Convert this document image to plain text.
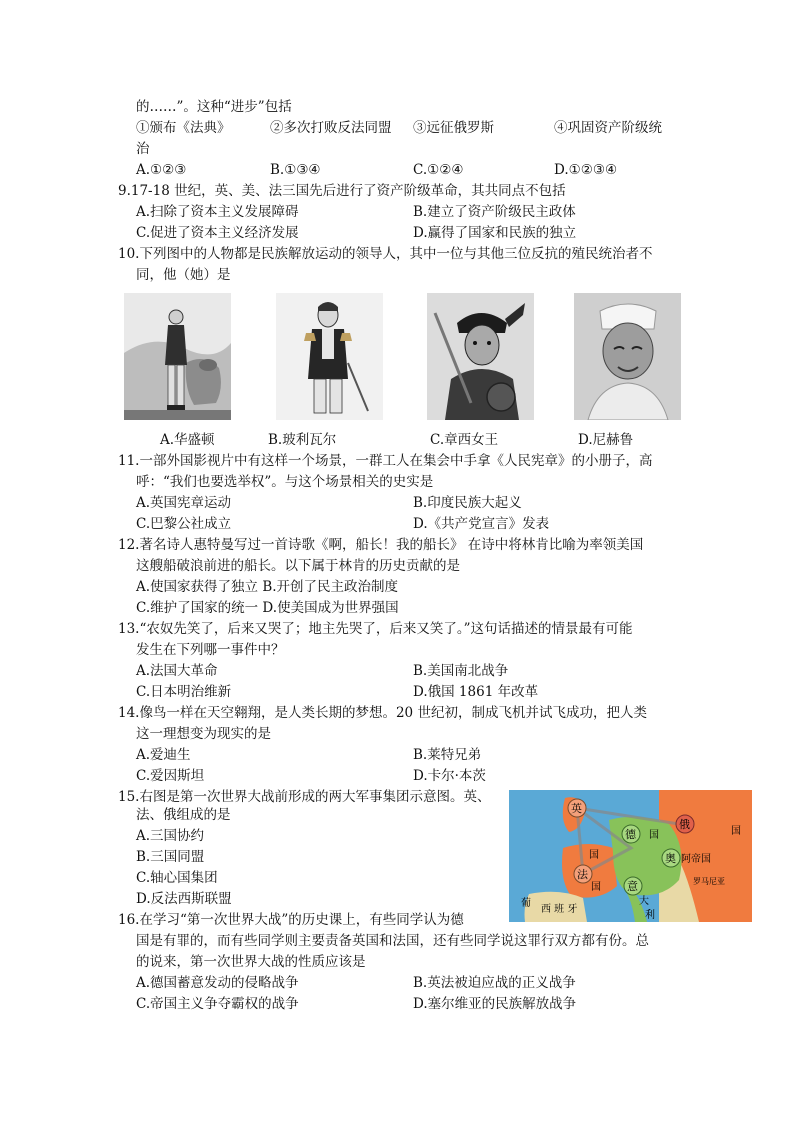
的……”。这种“进步”包括
①颁布《法典》	②多次打败反法同盟 ③远征俄罗斯	④巩固资产阶级统
治
A.①②③	B.①③④	C.①②④	D.①②③④
9.17-18 世纪，英、美、法三国先后进行了资产阶级革命，其共同点不包括
A.扫除了资本主义发展障碍	B.建立了资产阶级民主政体
C.促进了资本主义经济发展	D.赢得了国家和民族的独立
10.下列图中的人物都是民族解放运动的领导人，其中一位与其他三位反抗的殖民统治者不
同，他（她）是
A.华盛顿	B.玻利瓦尔	C.章西女王	D.尼赫鲁
11.一部外国影视片中有这样一个场景，一群工人在集会中手拿《人民宪章》的小册子，高
呼：“我们也要选举权”。与这个场景相关的史实是
A.英国宪章运动	B.印度民族大起义
C.巴黎公社成立	D.《共产党宣言》发表
12.著名诗人惠特曼写过一首诗歌《啊，船长！我的船长》 在诗中将林肯比喻为率领美国
这艘船破浪前进的船长。以下属于林肯的历史贡献的是
A.使国家获得了独立 B.开创了民主政治制度
C.维护了国家的统一 D.使美国成为世界强国
13.“农奴先笑了，后来又哭了；地主先哭了，后来又笑了。”这句话描述的情景最有可能
发生在下列哪一事件中？
A.法国大革命	B.美国南北战争
C.日本明治维新	D.俄国 1861 年改革
14.像鸟一样在天空翱翔，是人类长期的梦想。20 世纪初，制成飞机并试飞成功，把人类
这一理想变为现实的是
A.爱迪生	B.莱特兄弟
C.爱因斯坦	D.卡尔·本茨
15.右图是第一次世界大战前形成的两大军事集团示意图。英、
法、俄组成的是
A.三国协约
B.三国同盟
C.轴心国集团
D.反法西斯联盟
英
法
俄
德
奥
意
国
阿帝国
国
罗马尼亚
西 班 牙
大
利
葡
国
国
16.在学习“第一次世界大战”的历史课上，有些同学认为德
国是有罪的，而有些同学则主要责备英国和法国，还有些同学说这罪行双方都有份。总
的说来，第一次世界大战的性质应该是
A.德国蓄意发动的侵略战争	B.英法被迫应战的正义战争
C.帝国主义争夺霸权的战争	D.塞尔维亚的民族解放战争
